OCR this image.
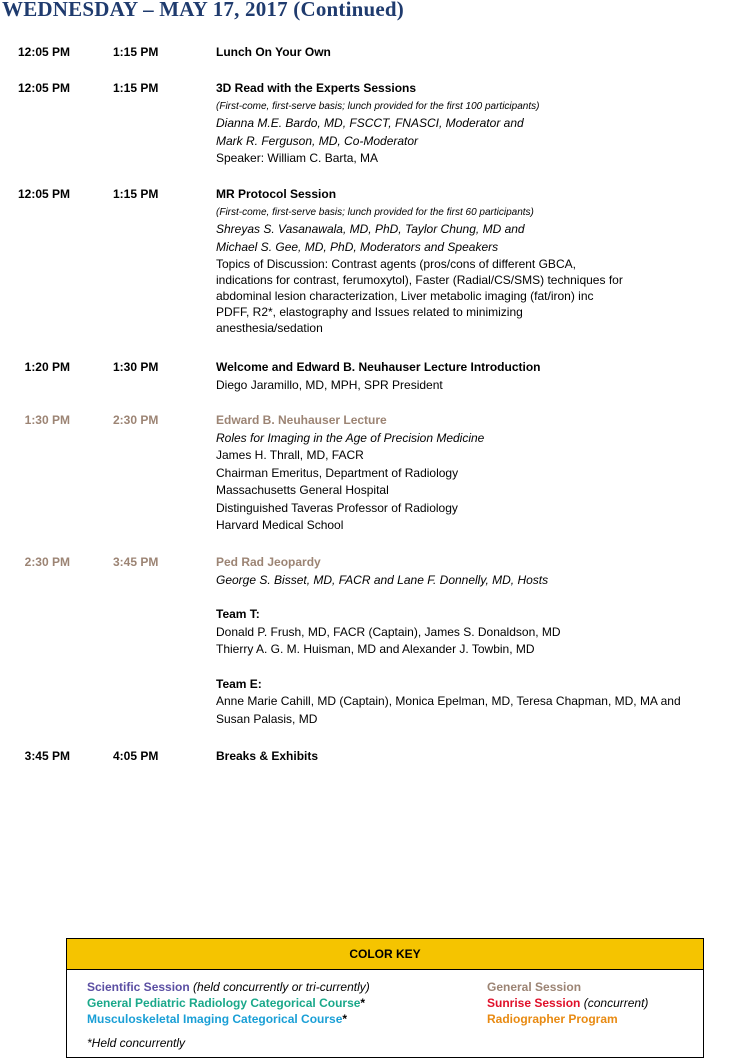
WEDNESDAY – MAY 17, 2017 (Continued)
12:05 PM	1:15 PM	Lunch On Your Own
12:05 PM	1:15 PM	3D Read with the Experts Sessions
(First-come, first-serve basis; lunch provided for the first 100 participants)
Dianna M.E. Bardo, MD, FSCCT, FNASCI, Moderator and
Mark R. Ferguson, MD, Co-Moderator
Speaker: William C. Barta, MA
12:05 PM	1:15 PM	MR Protocol Session
(First-come, first-serve basis; lunch provided for the first 60 participants)
Shreyas S. Vasanawala, MD, PhD, Taylor Chung, MD and
Michael S. Gee, MD, PhD, Moderators and Speakers
Topics of Discussion: Contrast agents (pros/cons of different GBCA, indications for contrast, ferumoxytol), Faster (Radial/CS/SMS) techniques for abdominal lesion characterization, Liver metabolic imaging (fat/iron) inc PDFF, R2*, elastography and Issues related to minimizing anesthesia/sedation
1:20 PM	1:30 PM	Welcome and Edward B. Neuhauser Lecture Introduction
Diego Jaramillo, MD, MPH, SPR President
1:30 PM	2:30 PM	Edward B. Neuhauser Lecture
Roles for Imaging in the Age of Precision Medicine
James H. Thrall, MD, FACR
Chairman Emeritus, Department of Radiology
Massachusetts General Hospital
Distinguished Taveras Professor of Radiology
Harvard Medical School
2:30 PM	3:45 PM	Ped Rad Jeopardy
George S. Bisset, MD, FACR and Lane F. Donnelly, MD, Hosts
Team T:
Donald P. Frush, MD, FACR (Captain), James S. Donaldson, MD
Thierry A. G. M. Huisman, MD and Alexander J. Towbin, MD
Team E:
Anne Marie Cahill, MD (Captain), Monica Epelman, MD, Teresa Chapman, MD, MA and
Susan Palasis, MD
3:45 PM	4:05 PM	Breaks & Exhibits
COLOR KEY
Scientific Session (held concurrently or tri-currently)
General Pediatric Radiology Categorical Course*
Musculoskeletal Imaging Categorical Course*
General Session
Sunrise Session (concurrent)
Radiographer Program
*Held concurrently
